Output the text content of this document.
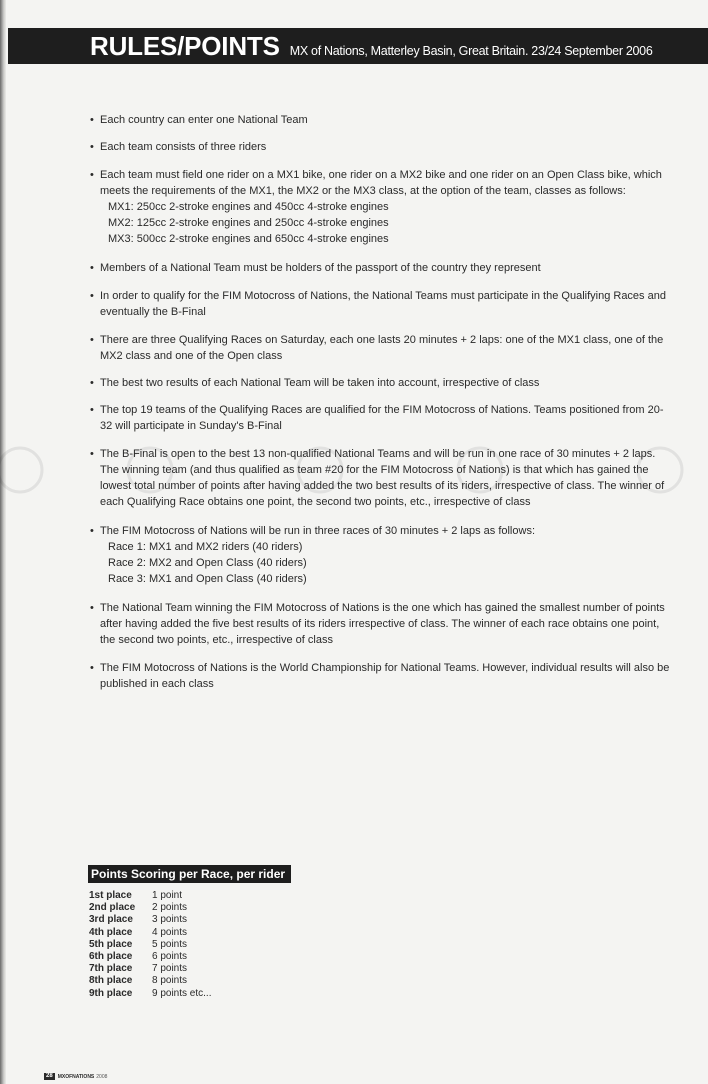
RULES/POINTS MX of Nations, Matterley Basin, Great Britain. 23/24 September 2006
• Each country can enter one National Team
• Each team consists of three riders
• Each team must field one rider on a MX1 bike, one rider on a MX2 bike and one rider on an Open Class bike, which meets the requirements of the MX1, the MX2 or the MX3 class, at the option of the team, classes as follows:
MX1: 250cc 2-stroke engines and 450cc 4-stroke engines
MX2: 125cc 2-stroke engines and 250cc 4-stroke engines
MX3: 500cc 2-stroke engines and 650cc 4-stroke engines
• Members of a National Team must be holders of the passport of the country they represent
• In order to qualify for the FIM Motocross of Nations, the National Teams must participate in the Qualifying Races and eventually the B-Final
• There are three Qualifying Races on Saturday, each one lasts 20 minutes + 2 laps: one of the MX1 class, one of the MX2 class and one of the Open class
• The best two results of each National Team will be taken into account, irrespective of class
• The top 19 teams of the Qualifying Races are qualified for the FIM Motocross of Nations. Teams positioned from 20-32 will participate in Sunday's B-Final
• The B-Final is open to the best 13 non-qualified National Teams and will be run in one race of 30 minutes + 2 laps. The winning team (and thus qualified as team #20 for the FIM Motocross of Nations) is that which has gained the lowest total number of points after having added the two best results of its riders, irrespective of class. The winner of each Qualifying Race obtains one point, the second two points, etc., irrespective of class
• The FIM Motocross of Nations will be run in three races of 30 minutes + 2 laps as follows:
Race 1: MX1 and MX2 riders (40 riders)
Race 2: MX2 and Open Class (40 riders)
Race 3: MX1 and Open Class (40 riders)
• The National Team winning the FIM Motocross of Nations is the one which has gained the smallest number of points after having added the five best results of its riders irrespective of class. The winner of each race obtains one point, the second two points, etc., irrespective of class
• The FIM Motocross of Nations is the World Championship for National Teams. However, individual results will also be published in each class
Points Scoring per Race, per rider
1st place	1 point
2nd place	2 points
3rd place	3 points
4th place	4 points
5th place	5 points
6th place	6 points
7th place	7 points
8th place	8 points
9th place	9 points etc...
28	MXOFNATIONS 2008
